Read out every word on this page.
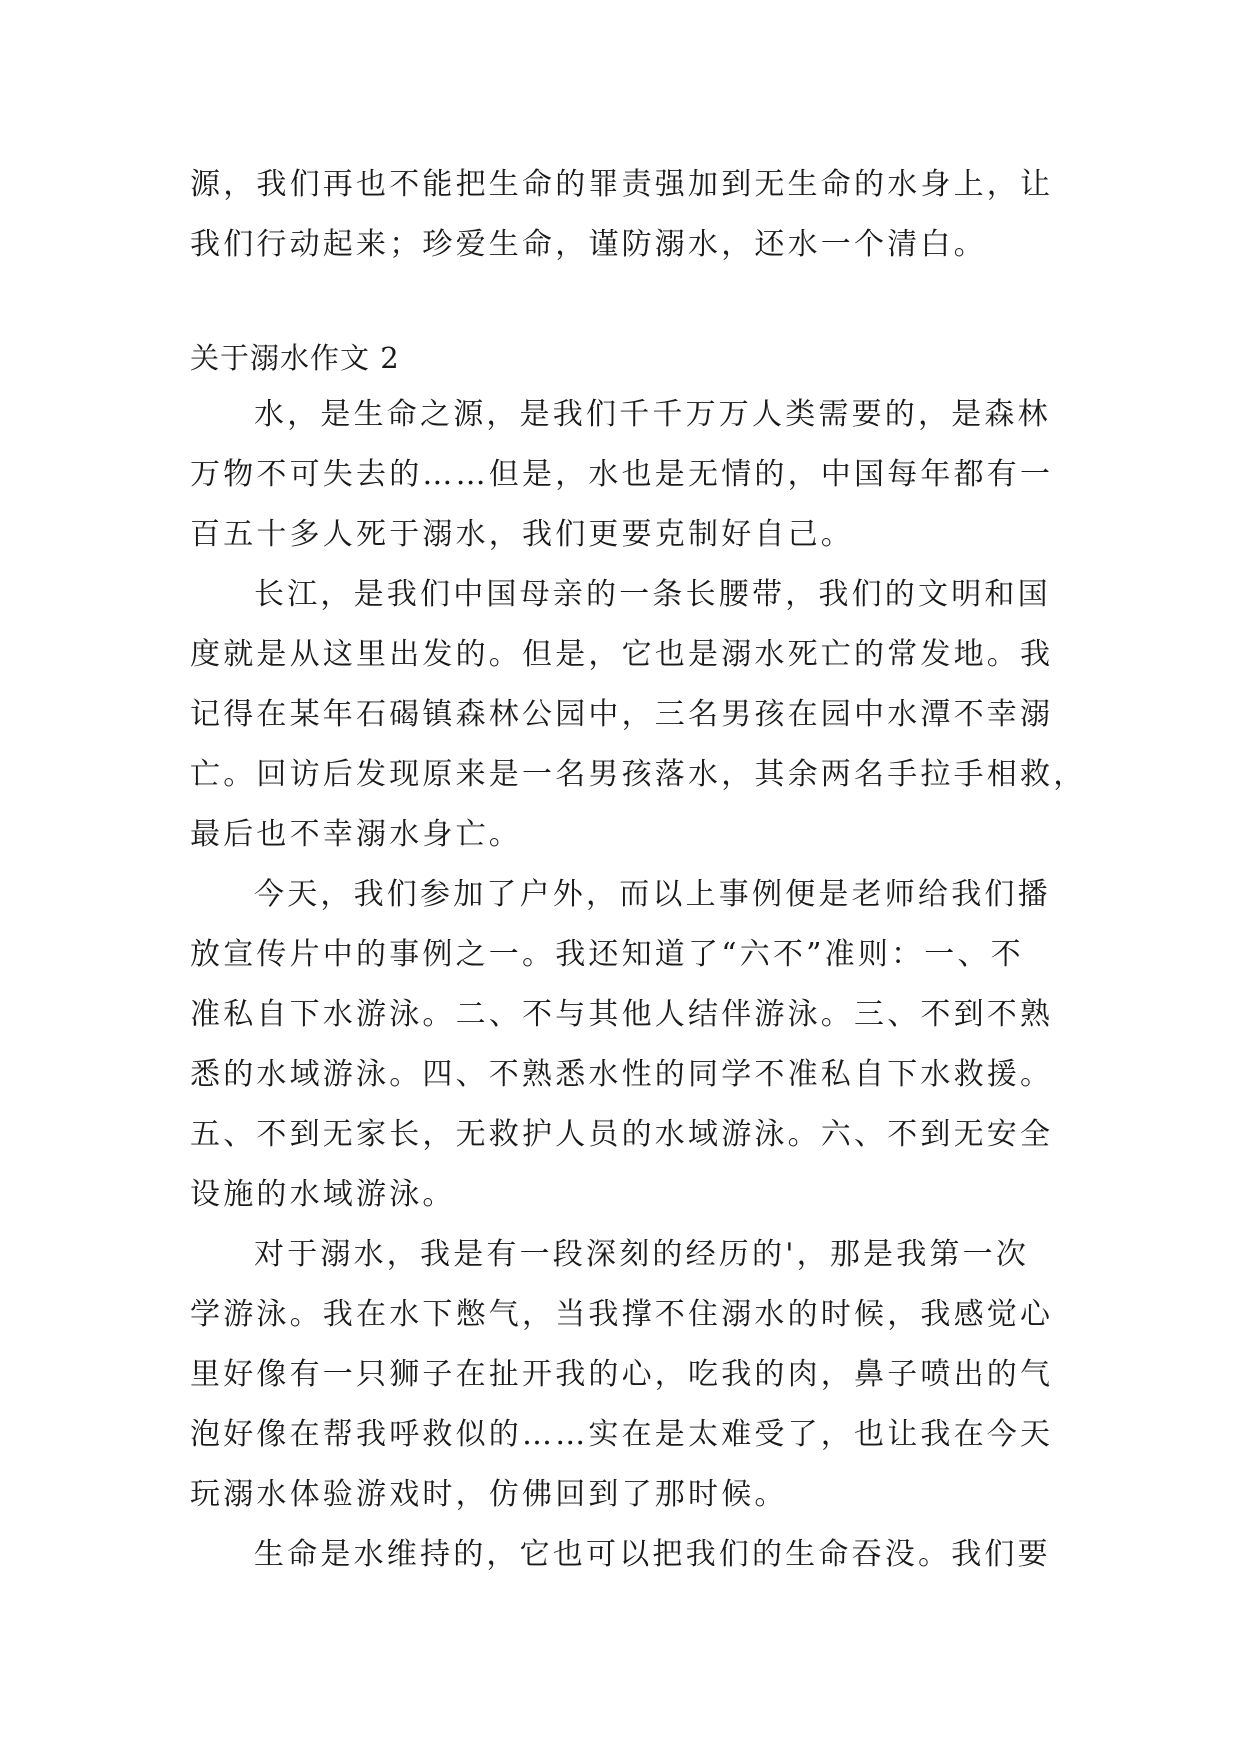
源，我们再也不能把生命的罪责强加到无生命的水身上，让

我们行动起来；珍爱生命，谨防溺水，还水一个清白。

关于溺水作文 2

水，是生命之源，是我们千千万万人类需要的，是森林

万物不可失去的……但是，水也是无情的，中国每年都有一

百五十多人死于溺水，我们更要克制好自己。

长江，是我们中国母亲的一条长腰带，我们的文明和国

度就是从这里出发的。但是，它也是溺水死亡的常发地。我

记得在某年石碣镇森林公园中，三名男孩在园中水潭不幸溺

亡。回访后发现原来是一名男孩落水，其余两名手拉手相救，

最后也不幸溺水身亡。

今天，我们参加了户外，而以上事例便是老师给我们播

放宣传片中的事例之一。我还知道了“六不”准则：一、不

准私自下水游泳。二、不与其他人结伴游泳。三、不到不熟

悉的水域游泳。四、不熟悉水性的同学不准私自下水救援。

五、不到无家长，无救护人员的水域游泳。六、不到无安全

设施的水域游泳。

对于溺水，我是有一段深刻的经历的'，那是我第一次

学游泳。我在水下憋气，当我撑不住溺水的时候，我感觉心

里好像有一只狮子在扯开我的心，吃我的肉，鼻子喷出的气

泡好像在帮我呼救似的……实在是太难受了，也让我在今天

玩溺水体验游戏时，仿佛回到了那时候。

生命是水维持的，它也可以把我们的生命吞没。我们要
